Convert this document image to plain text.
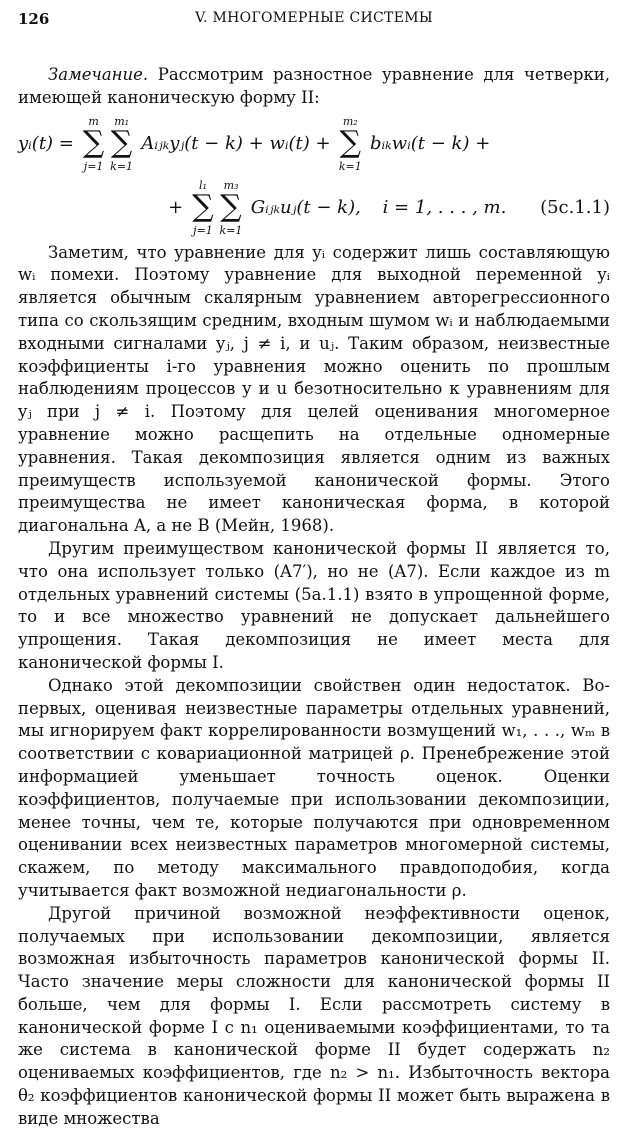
126	V. МНОГОМЕРНЫЕ СИСТЕМЫ

Замечание. Рассмотрим разностное уравнение для четверки, имеющей каноническую форму II:

yᵢ(t) =
m
∑
j=1
m₁
∑
k=1
Aᵢⱼₖyⱼ(t − k) + wᵢ(t) +
m₂
∑
k=1
bᵢₖwᵢ(t − k) +
+
l₁
∑
j=1
m₃
∑
k=1
Gᵢⱼₖuⱼ(t − k), i = 1, . . . , m. (5c.1.1)

Заметим, что уравнение для yᵢ содержит лишь составляющую wᵢ помехи. Поэтому уравнение для выходной переменной yᵢ является обычным скалярным уравнением авторегрессионного типа со скользящим средним, входным шумом wᵢ и наблюдаемыми входными сигналами yⱼ, j ≠ i, и uⱼ. Таким образом, неизвестные коэффициенты i-го уравнения можно оценить по прошлым наблюдениям процессов y и u безотносительно к уравнениям для yⱼ при j ≠ i. Поэтому для целей оценивания многомерное уравнение можно расщепить на отдельные одномерные уравнения. Такая декомпозиция является одним из важных преимуществ используемой канонической формы. Этого преимущества не имеет каноническая форма, в которой диагональна A, а не B (Мейн, 1968).

Другим преимуществом канонической формы II является то, что она использует только (A7′), но не (A7). Если каждое из m отдельных уравнений системы (5a.1.1) взято в упрощенной форме, то и все множество уравнений не допускает дальнейшего упрощения. Такая декомпозиция не имеет места для канонической формы I.

Однако этой декомпозиции свойствен один недостаток. Во-первых, оценивая неизвестные параметры отдельных уравнений, мы игнорируем факт коррелированности возмущений w₁, . . ., wₘ в соответствии с ковариационной матрицей ρ. Пренебрежение этой информацией уменьшает точность оценок. Оценки коэффициентов, получаемые при использовании декомпозиции, менее точны, чем те, которые получаются при одновременном оценивании всех неизвестных параметров многомерной системы, скажем, по методу максимального правдоподобия, когда учитывается факт возможной недиагональности ρ.

Другой причиной возможной неэффективности оценок, получаемых при использовании декомпозиции, является возможная избыточность параметров канонической формы II. Часто значение меры сложности для канонической формы II больше, чем для формы I. Если рассмотреть систему в канонической форме I с n₁ оцениваемыми коэффициентами, то та же система в канонической форме II будет содержать n₂ оцениваемых коэффициентов, где n₂ > n₁. Избыточность вектора θ₂ коэффициентов канонической формы II может быть выражена в виде множества
